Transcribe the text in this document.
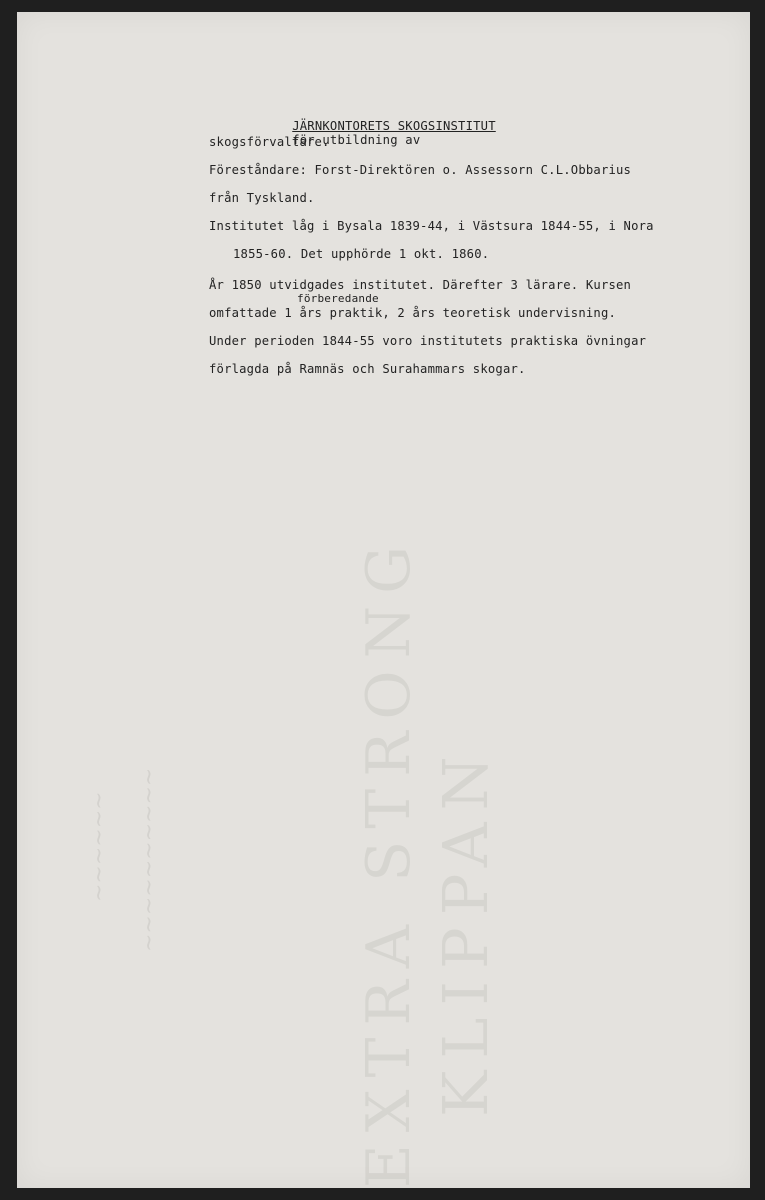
EXTRA STRONG KLIPPAN
~~~~~~ ~~~~~~~~~~

JÄRNKONTORETS SKOGSINSTITUT
för utbildning av

skogsförvaltare.
Föreståndare: Forst-Direktören o. Assessorn C.L.Obbarius
från Tyskland.
Institutet låg i Bysala 1839-44, i Västsura 1844-55, i Nora
1855-60. Det upphörde 1 okt. 1860.
År 1850 utvidgades institutet. Därefter 3 lärare. Kursen
förberedande
omfattade 1 års praktik, 2 års teoretisk undervisning.
Under perioden 1844-55 voro institutets praktiska övningar
förlagda på Ramnäs och Surahammars skogar.
